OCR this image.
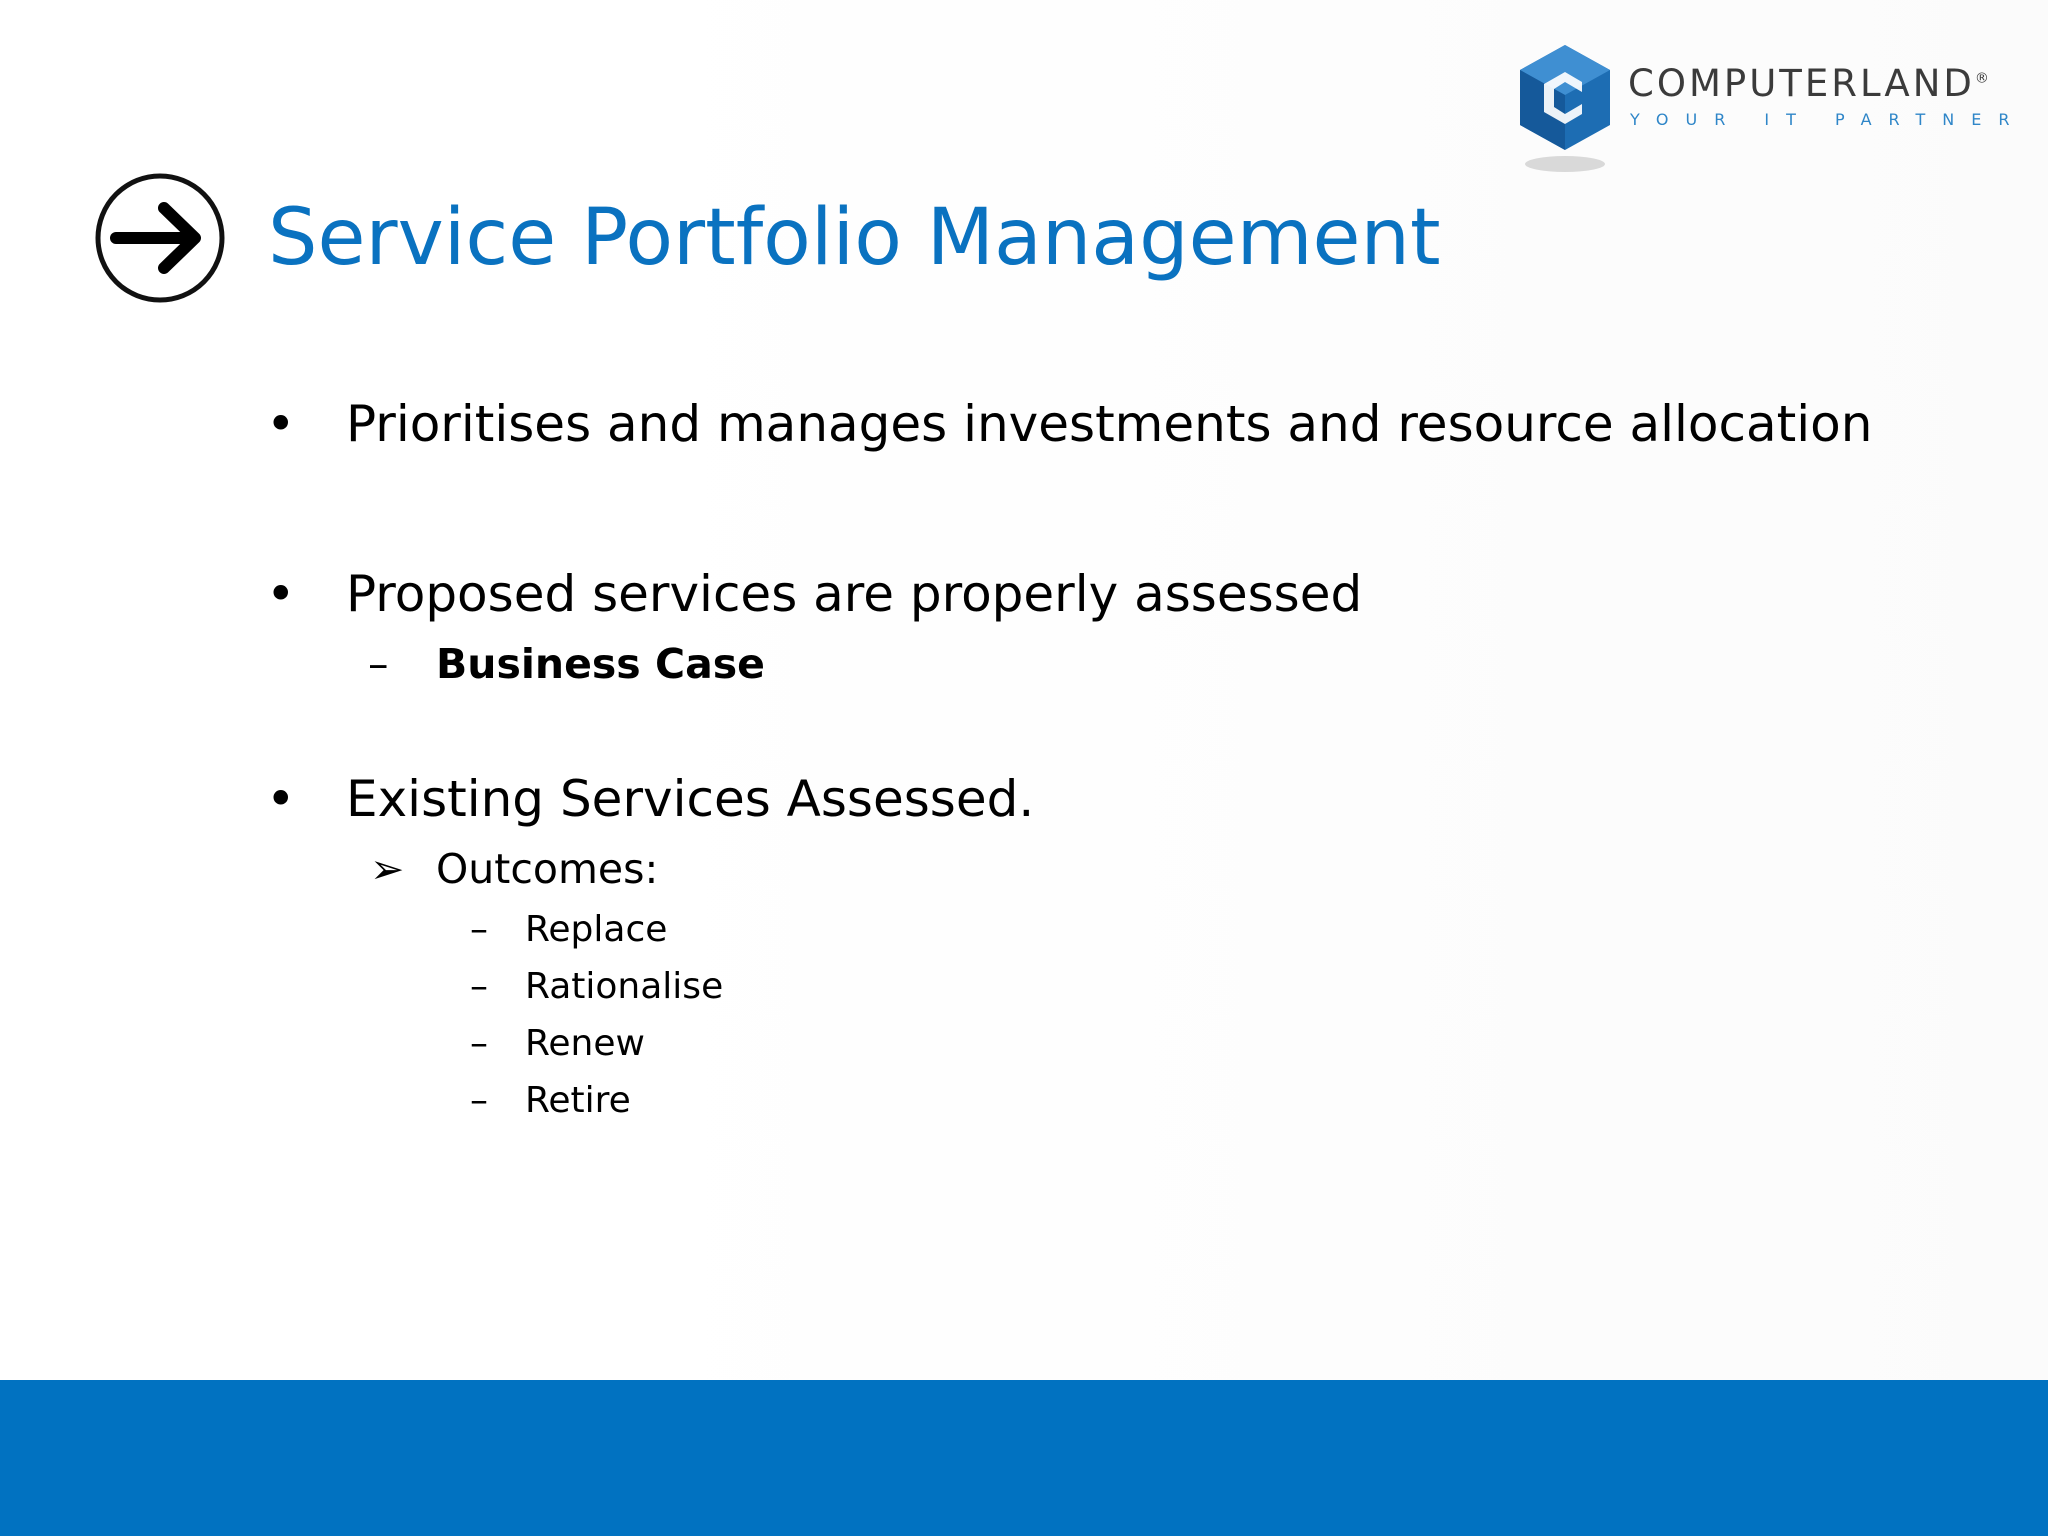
COMPUTERLAND®
YOUR IT PARTNER
Service Portfolio Management
• Prioritises and manages investments and resource allocation
• Proposed services are properly assessed
– Business Case
• Existing Services Assessed.
➢ Outcomes:
– Replace
– Rationalise
– Renew
– Retire
